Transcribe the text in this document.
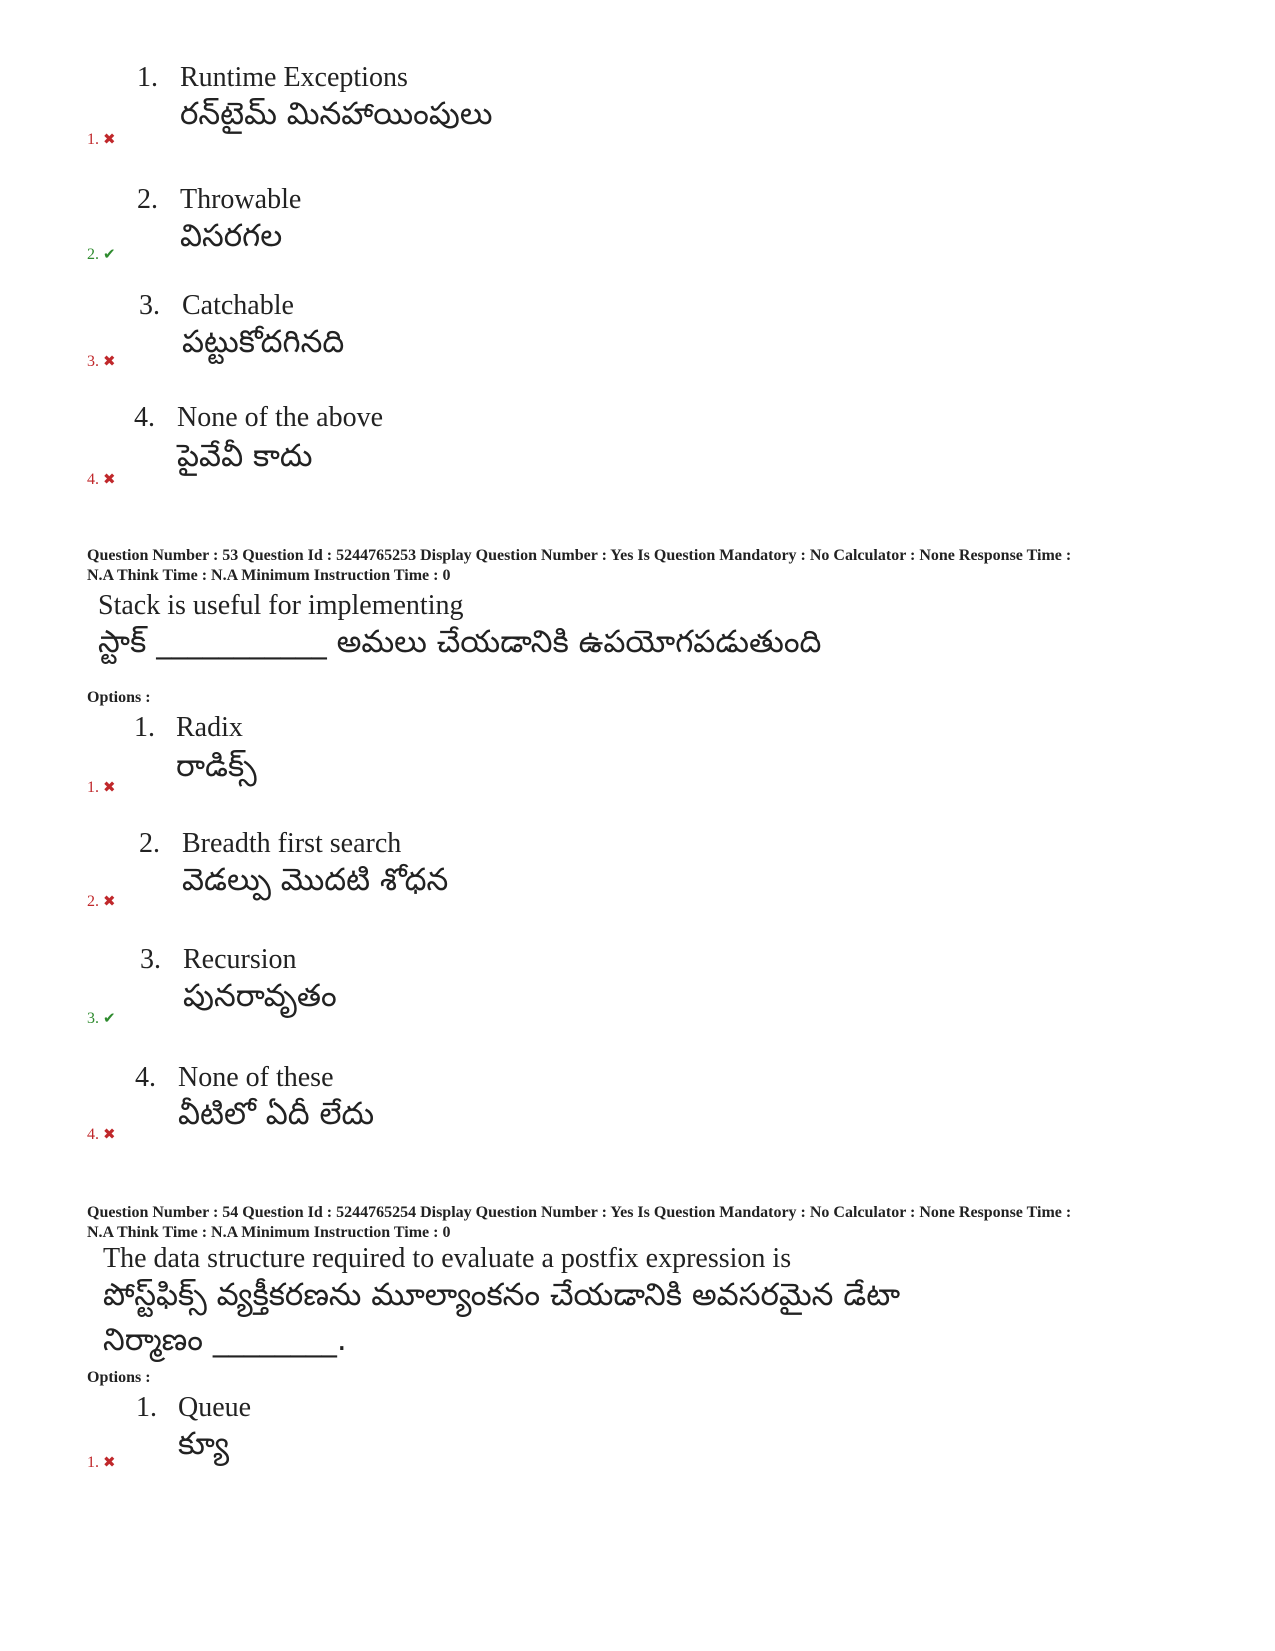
1. Runtime Exceptions
రన్‌టైమ్ మినహాయింపులు
1. ✖
2. Throwable
విసరగల
2. ✔
3. Catchable
పట్టుకోదగినది
3. ✖
4. None of the above
పైవేవీ కాదు
4. ✖
Question Number : 53 Question Id : 5244765253 Display Question Number : Yes Is Question Mandatory : No Calculator : None Response Time :
N.A Think Time : N.A Minimum Instruction Time : 0
Stack is useful for implementing
స్టాక్ ___________ అమలు చేయడానికి ఉపయోగపడుతుంది
Options :
1. Radix
రాడిక్స్
1. ✖
2. Breadth first search
వెడల్పు మొదటి శోధన
2. ✖
3. Recursion
పునరావృతం
3. ✔
4. None of these
వీటిలో ఏదీ లేదు
4. ✖
Question Number : 54 Question Id : 5244765254 Display Question Number : Yes Is Question Mandatory : No Calculator : None Response Time :
N.A Think Time : N.A Minimum Instruction Time : 0
The data structure required to evaluate a postfix expression is
పోస్ట్‌ఫిక్స్ వ్యక్తీకరణను మూల్యాంకనం చేయడానికి అవసరమైన డేటా
నిర్మాణం ________.
Options :
1. Queue
క్యూ
1. ✖
